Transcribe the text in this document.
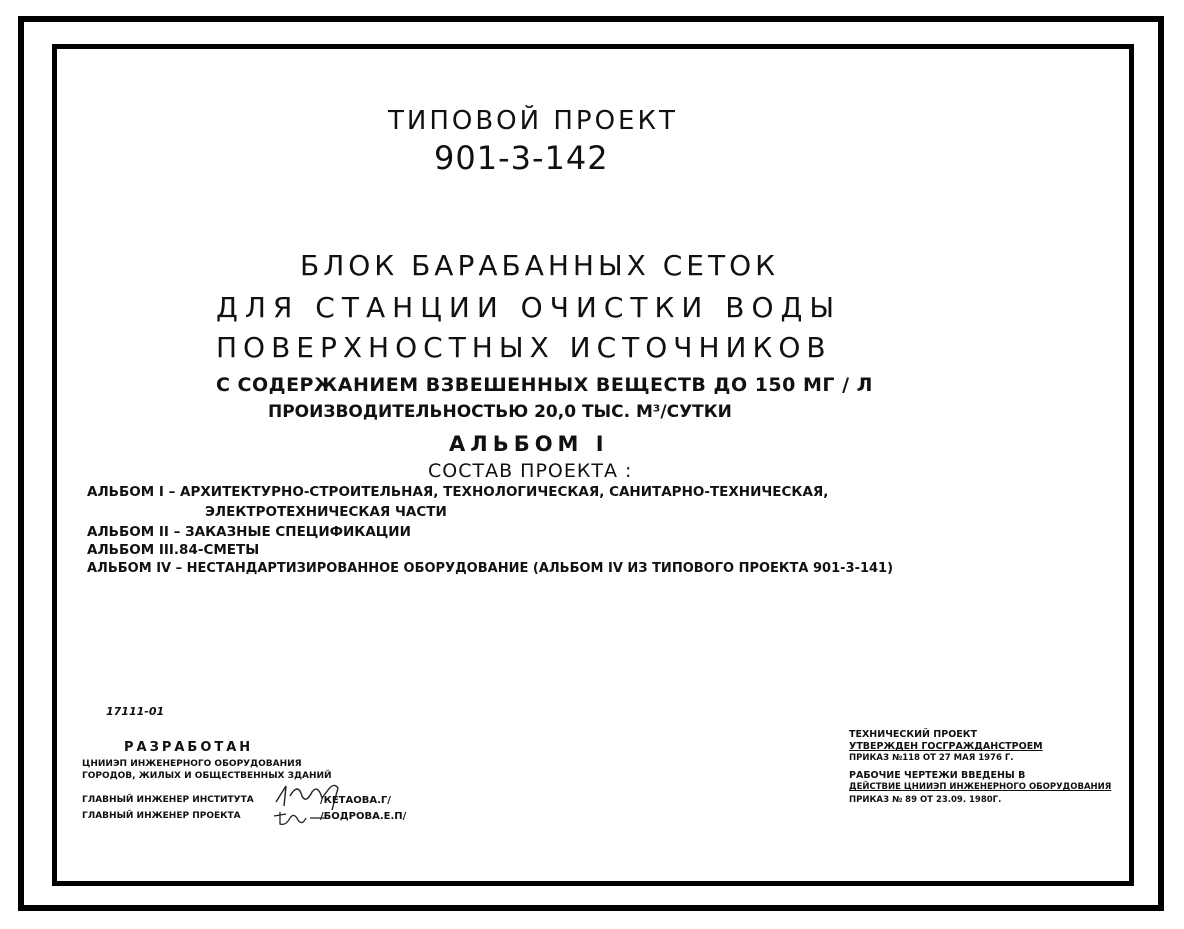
ТИПОВОЙ ПРОЕКТ
901-3-142
БЛОК БАРАБАННЫХ СЕТОК
ДЛЯ СТАНЦИИ ОЧИСТКИ ВОДЫ
ПОВЕРХНОСТНЫХ ИСТОЧНИКОВ
С СОДЕРЖАНИЕМ ВЗВЕШЕННЫХ ВЕЩЕСТВ ДО 150 МГ / Л
ПРОИЗВОДИТЕЛЬНОСТЬЮ 20,0 ТЫС. М³/СУТКИ
АЛЬБОМ I
СОСТАВ ПРОЕКТА :
АЛЬБОМ I – АРХИТЕКТУРНО-СТРОИТЕЛЬНАЯ, ТЕХНОЛОГИЧЕСКАЯ, САНИТАРНО-ТЕХНИЧЕСКАЯ,
ЭЛЕКТРОТЕХНИЧЕСКАЯ ЧАСТИ
АЛЬБОМ II – ЗАКАЗНЫЕ СПЕЦИФИКАЦИИ
АЛЬБОМ III.84-СМЕТЫ
АЛЬБОМ IV – НЕСТАНДАРТИЗИРОВАННОЕ ОБОРУДОВАНИЕ (АЛЬБОМ IV ИЗ ТИПОВОГО ПРОЕКТА 901-3-141)
17111-01
РАЗРАБОТАН
ЦНИИЭП ИНЖЕНЕРНОГО ОБОРУДОВАНИЯ
ГОРОДОВ, ЖИЛЫХ И ОБЩЕСТВЕННЫХ ЗДАНИЙ
ГЛАВНЫЙ ИНЖЕНЕР ИНСТИТУТА	/КЕТАОВА.Г/
ГЛАВНЫЙ ИНЖЕНЕР ПРОЕКТА	/БОДРОВА.Е.П/
ТЕХНИЧЕСКИЙ ПРОЕКТ
УТВЕРЖДЕН ГОСГРАЖДАНСТРОЕМ
ПРИКАЗ №118 ОТ 27 МАЯ 1976 Г.
РАБОЧИЕ ЧЕРТЕЖИ ВВЕДЕНЫ В
ДЕЙСТВИЕ ЦНИИЭП ИНЖЕНЕРНОГО ОБОРУДОВАНИЯ
ПРИКАЗ № 89 ОТ 23.09. 1980Г.
